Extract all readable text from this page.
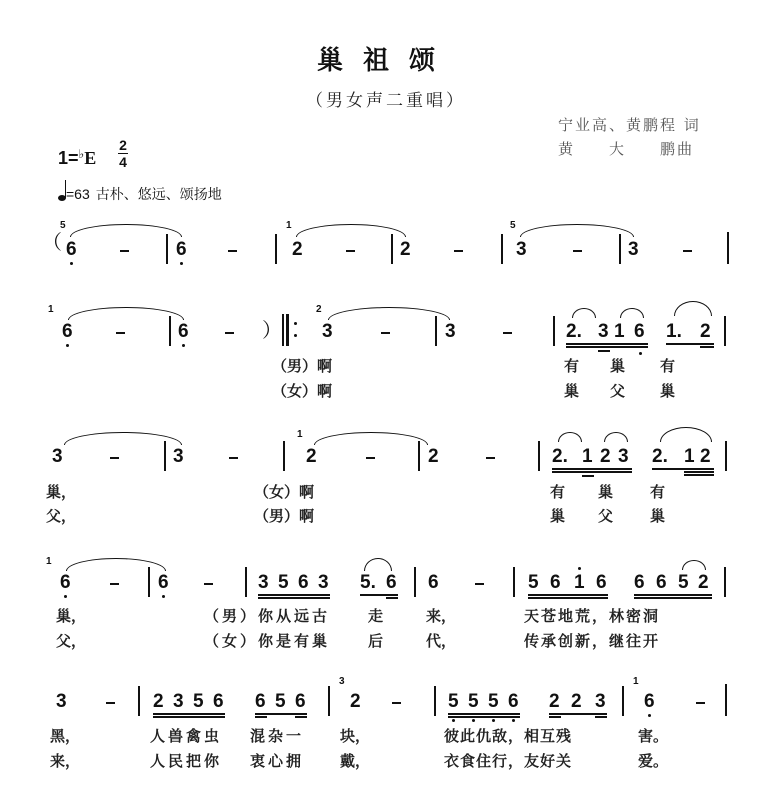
巢祖颂
（男女声二重唱）
宁业高、黄鹏程 词
黄　　大　　鹏曲
1=♭E
2
4
=63 古朴、悠远、颂扬地
（
5
6	6
1
2	2
5
3	3
1
6	6	）
2
3	3	2. 3 1 6 1. 2
（男）啊
（女）啊
有 巢 有
巢 父 巢
3	3
1
2	2	2. 1 2 3 2. 1 2
巢，	（女）啊	有 巢 有
父，	（男）啊	巢 父 巢
1
6	6	3 5 6 3 5. 6 6	5 6 1 6 6 6 5 2
巢，	（男）你从远古	走	来，	天苍地荒，林密洞
父，	（女）你是有巢	后	代，	传承创新，继往开
3	2 3 5 6 6 5 6
3
2	5 5 5 6 2 2 3
1
6
黑，	人兽禽虫 混杂一 块，	彼此仇敌，相互残	害。
来，	人民把你 衷心拥 戴，	衣食住行，友好关	爱。
